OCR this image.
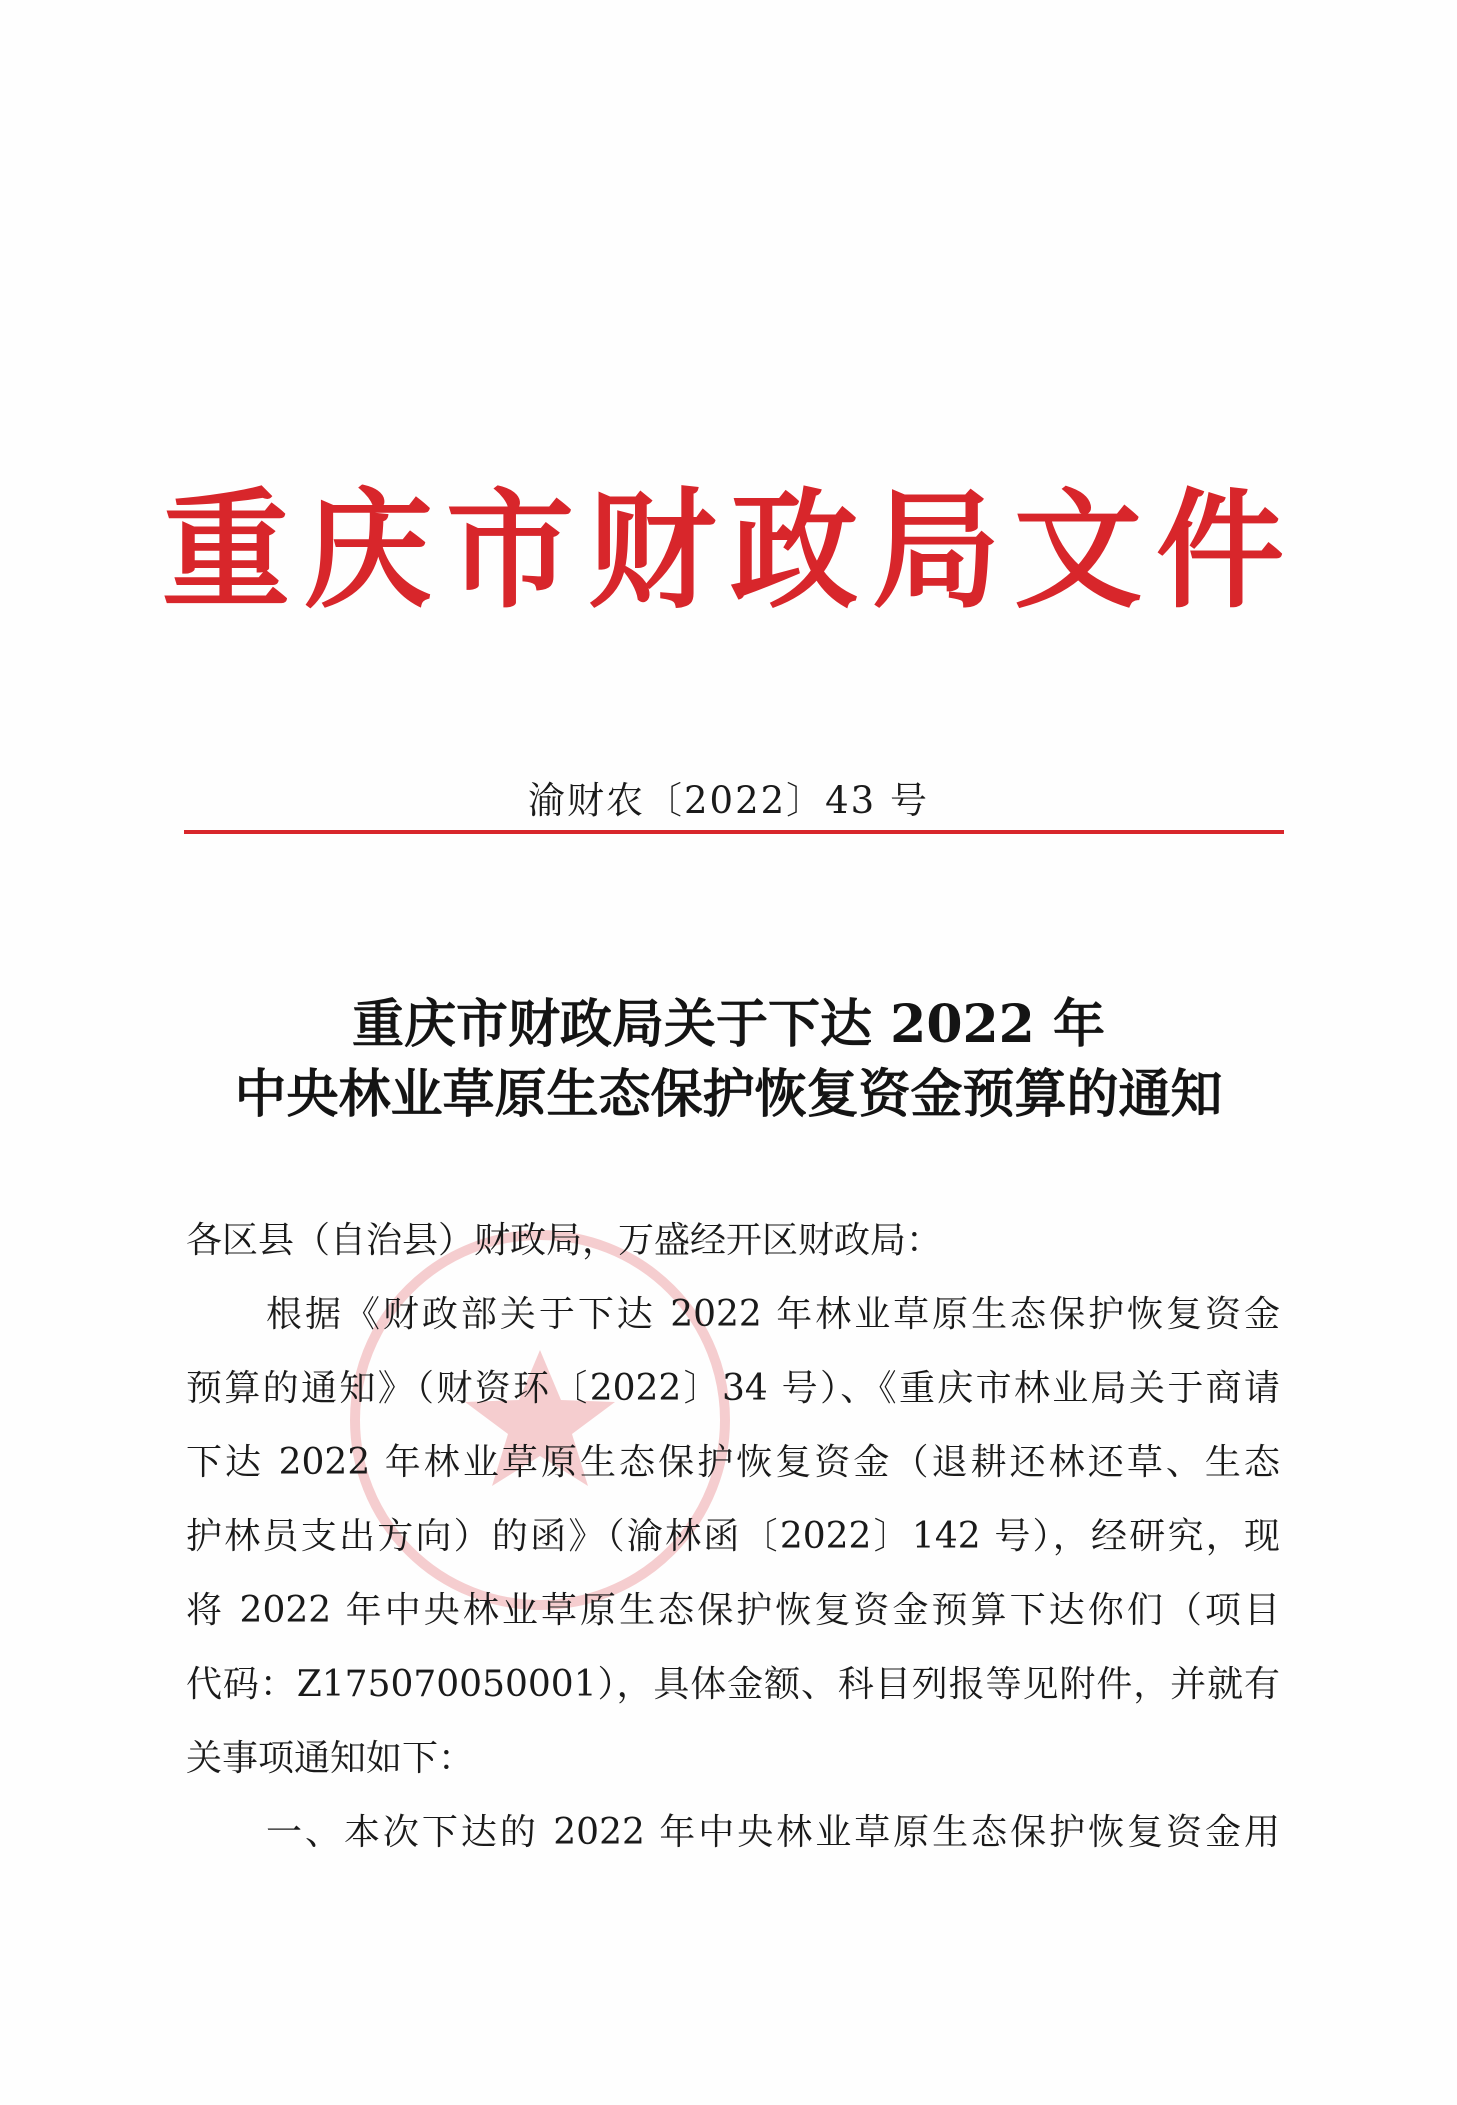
重庆市财政局文件
渝财农〔2022〕43 号
重庆市财政局关于下达 2022 年
中央林业草原生态保护恢复资金预算的通知

各区县（自治县）财政局，万盛经开区财政局：

根据《财政部关于下达 2022 年林业草原生态保护恢复资金

预算的通知》（财资环〔2022〕34 号）、《重庆市林业局关于商请

下达 2022 年林业草原生态保护恢复资金（退耕还林还草、生态

护林员支出方向）的函》（渝林函〔2022〕142 号），经研究，现

将 2022 年中央林业草原生态保护恢复资金预算下达你们（项目

代码：Z175070050001），具体金额、科目列报等见附件，并就有

关事项通知如下：

一、本次下达的 2022 年中央林业草原生态保护恢复资金用
